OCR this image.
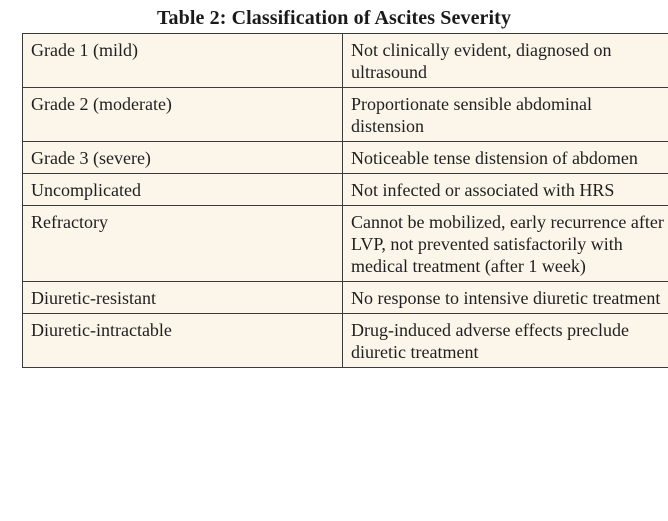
Table 2: Classification of Ascites Severity
Grade 1 (mild)	Not clinically evident, diagnosed on ultrasound
Grade 2 (moderate)	Proportionate sensible abdominal distension
Grade 3 (severe)	Noticeable tense distension of abdomen
Uncomplicated	Not infected or associated with HRS
Refractory	Cannot be mobilized, early recurrence after LVP, not prevented satisfactorily with medical treatment (after 1 week)
Diuretic-resistant	No response to intensive diuretic treatment
Diuretic-intractable	Drug-induced adverse effects preclude diuretic treatment
